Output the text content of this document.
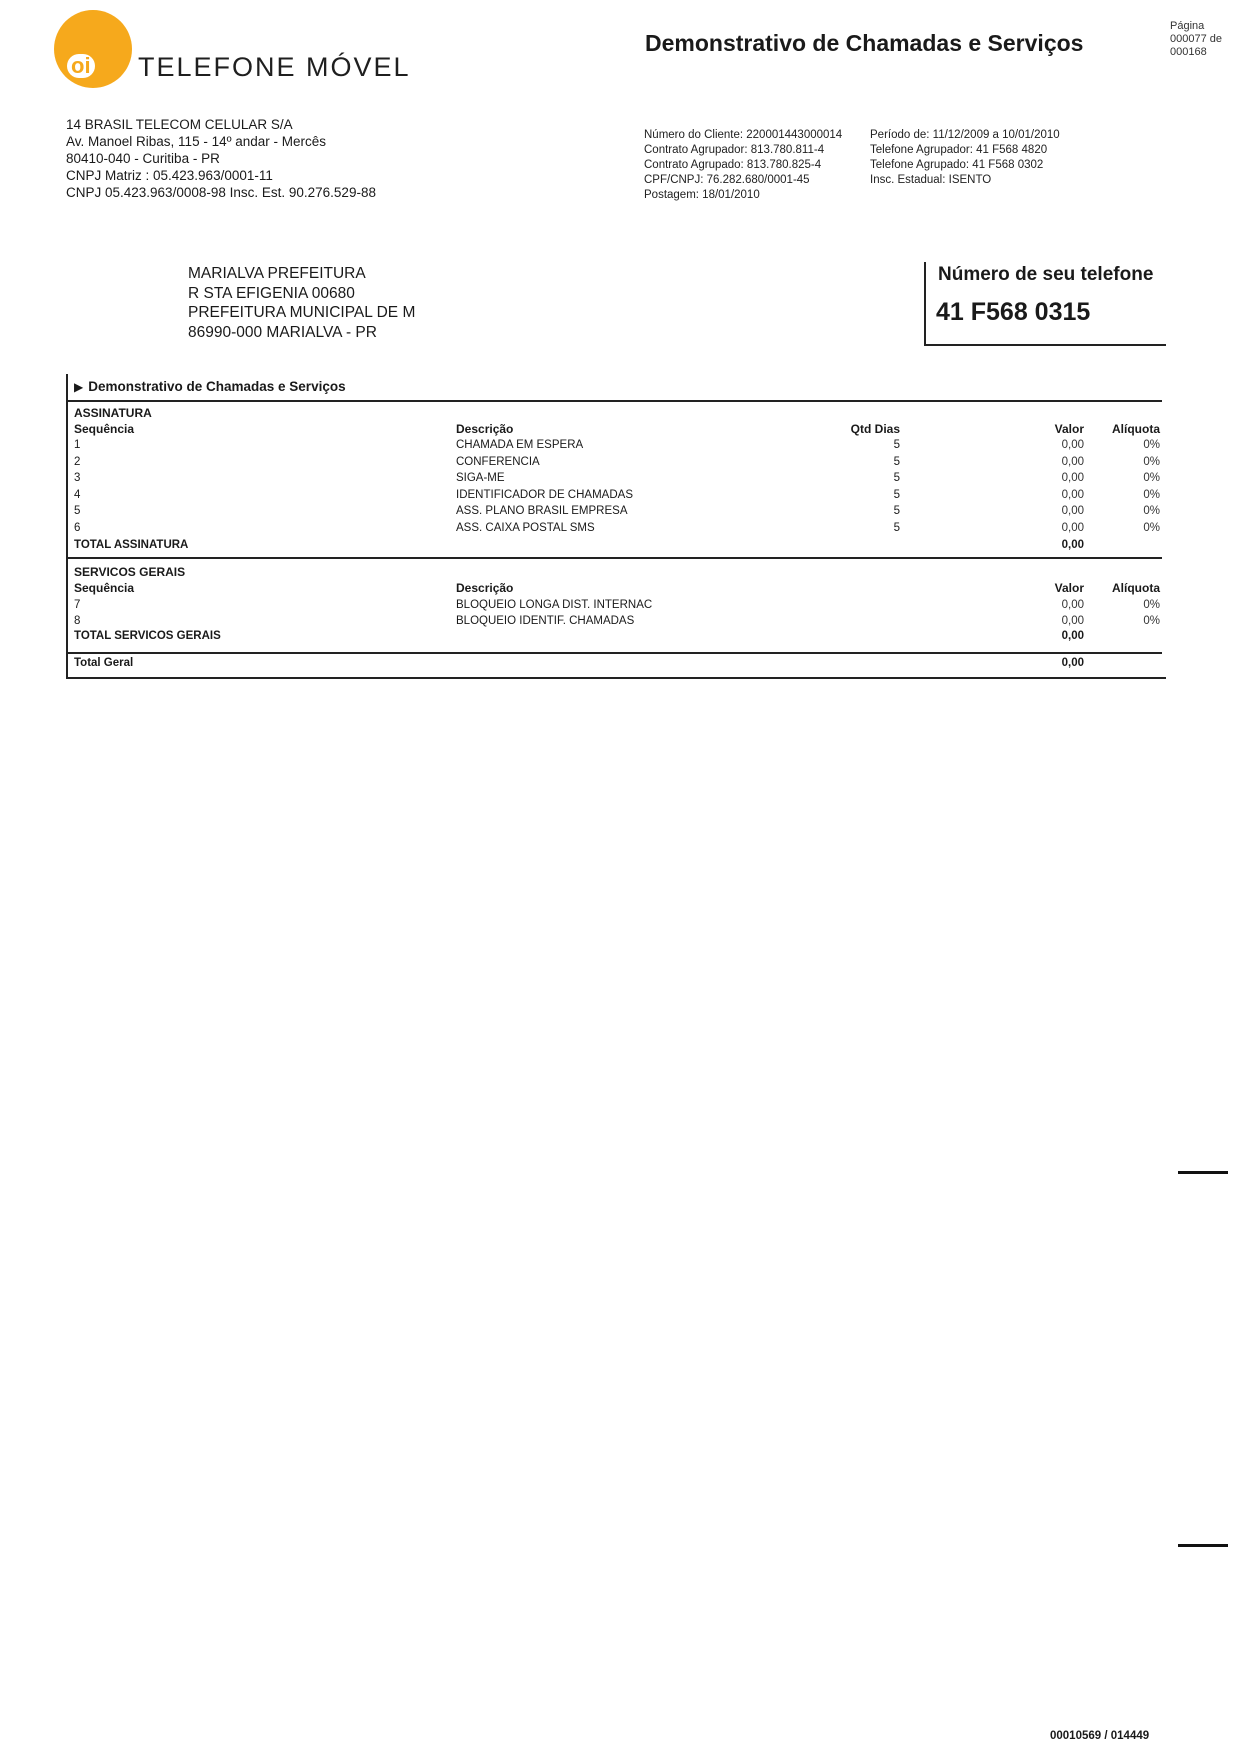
oi TELEFONE MÓVEL
Demonstrativo de Chamadas e Serviços
Página
000077 de
000168
14 BRASIL TELECOM CELULAR S/A
Av. Manoel Ribas, 115 - 14º andar - Mercês
80410-040 - Curitiba - PR
CNPJ Matriz : 05.423.963/0001-11
CNPJ 05.423.963/0008-98 Insc. Est. 90.276.529-88
Número do Cliente: 220001443000014
Contrato Agrupador: 813.780.811-4
Contrato Agrupado: 813.780.825-4
CPF/CNPJ: 76.282.680/0001-45
Postagem: 18/01/2010
Período de: 11/12/2009 a 10/01/2010
Telefone Agrupador: 41 F568 4820
Telefone Agrupado: 41 F568 0302
Insc. Estadual: ISENTO
MARIALVA PREFEITURA
R STA EFIGENIA 00680
PREFEITURA MUNICIPAL DE M
86990-000 MARIALVA - PR
Número de seu telefone
41 F568 0315
▶ Demonstrativo de Chamadas e Serviços
ASSINATURA
Sequência	Descrição	Qtd Dias	Valor	Alíquota
1	CHAMADA EM ESPERA	5	0,00	0%
2	CONFERENCIA	5	0,00	0%
3	SIGA-ME	5	0,00	0%
4	IDENTIFICADOR DE CHAMADAS	5	0,00	0%
5	ASS. PLANO BRASIL EMPRESA	5	0,00	0%
6	ASS. CAIXA POSTAL SMS	5	0,00	0%
TOTAL ASSINATURA	0,00
SERVICOS GERAIS
Sequência	Descrição	Valor	Alíquota
7	BLOQUEIO LONGA DIST. INTERNAC	0,00	0%
8	BLOQUEIO IDENTIF. CHAMADAS	0,00	0%
TOTAL SERVICOS GERAIS	0,00
Total Geral	0,00
00010569 / 014449
